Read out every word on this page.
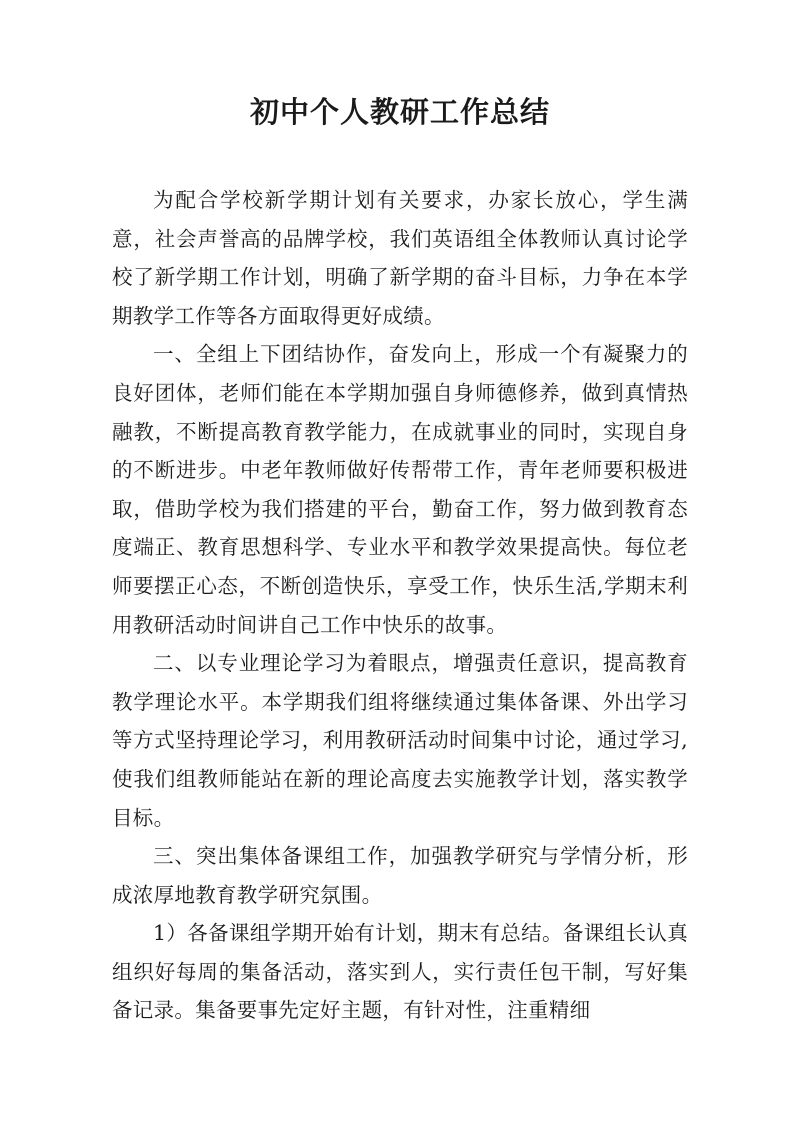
初中个人教研工作总结

为配合学校新学期计划有关要求，办家长放心，学生满意，社会声誉高的品牌学校，我们英语组全体教师认真讨论学校了新学期工作计划，明确了新学期的奋斗目标，力争在本学期教学工作等各方面取得更好成绩。

一、全组上下团结协作，奋发向上，形成一个有凝聚力的良好团体，老师们能在本学期加强自身师德修养，做到真情热融教，不断提高教育教学能力，在成就事业的同时，实现自身的不断进步。中老年教师做好传帮带工作，青年老师要积极进取，借助学校为我们搭建的平台，勤奋工作，努力做到教育态度端正、教育思想科学、专业水平和教学效果提高快。每位老师要摆正心态，不断创造快乐，享受工作，快乐生活,学期末利用教研活动时间讲自己工作中快乐的故事。

二、以专业理论学习为着眼点，增强责任意识，提高教育教学理论水平。本学期我们组将继续通过集体备课、外出学习等方式坚持理论学习，利用教研活动时间集中讨论，通过学习,使我们组教师能站在新的理论高度去实施教学计划，落实教学目标。

三、突出集体备课组工作，加强教学研究与学情分析，形成浓厚地教育教学研究氛围。

1）各备课组学期开始有计划，期末有总结。备课组长认真组织好每周的集备活动，落实到人，实行责任包干制，写好集备记录。集备要事先定好主题，有针对性，注重精细
